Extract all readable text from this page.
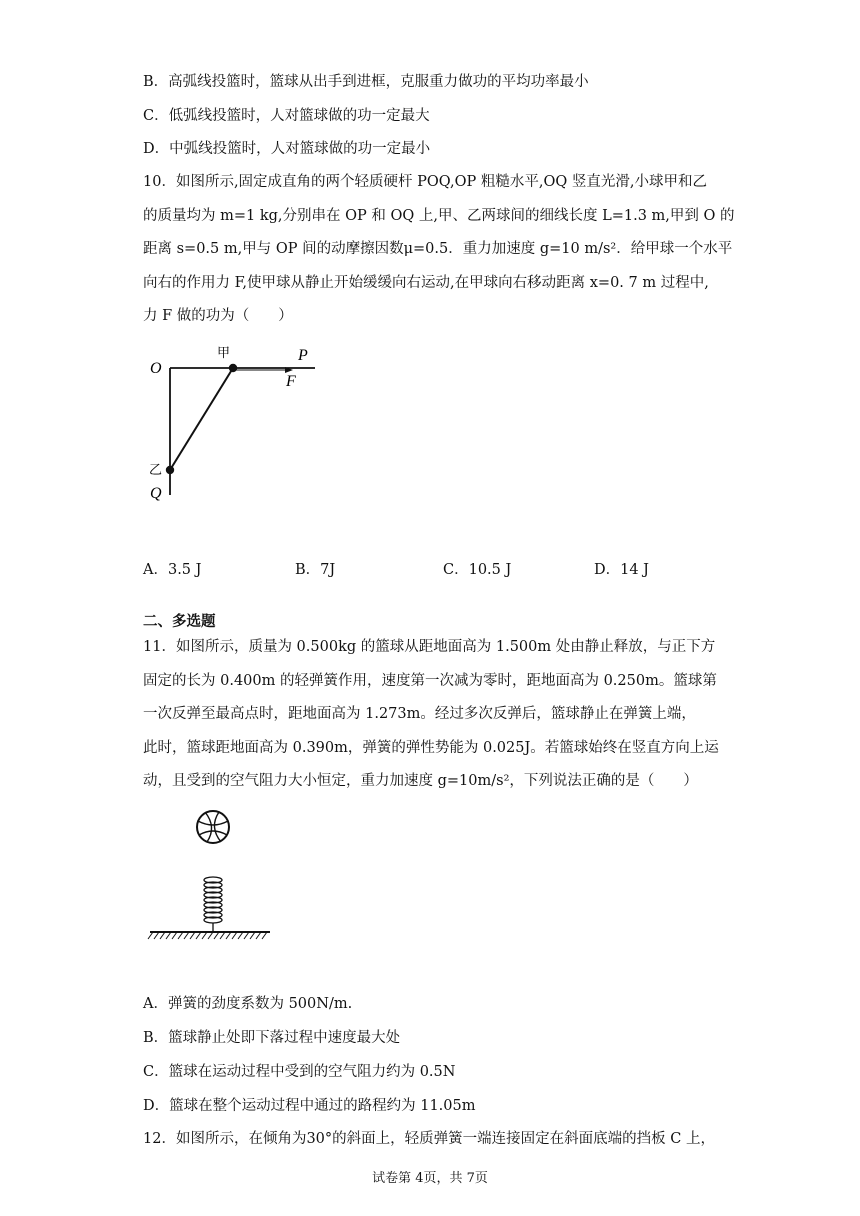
B．高弧线投篮时，篮球从出手到进框，克服重力做功的平均功率最小
C．低弧线投篮时，人对篮球做的功一定最大
D．中弧线投篮时，人对篮球做的功一定最小
10．如图所示,固定成直角的两个轻质硬杆 POQ,OP 粗糙水平,OQ 竖直光滑,小球甲和乙
的质量均为 m=1 kg,分别串在 OP 和 OQ 上,甲、乙两球间的细线长度 L=1.3 m,甲到 O 的
距离 s=0.5 m,甲与 OP 间的动摩擦因数μ=0.5．重力加速度 g=10 m/s²．给甲球一个水平
向右的作用力 F,使甲球从静止开始缓缓向右运动,在甲球向右移动距离 x=0. 7 m 过程中,
力 F 做的功为（　　）
O
P
F
甲
乙
Q
A．3.5 J	B．7J	C．10.5 J	D．14 J
二、多选题
11．如图所示，质量为 0.500kg 的篮球从距地面高为 1.500m 处由静止释放，与正下方
固定的长为 0.400m 的轻弹簧作用，速度第一次减为零时，距地面高为 0.250m。篮球第
一次反弹至最高点时，距地面高为 1.273m。经过多次反弹后，篮球静止在弹簧上端，
此时，篮球距地面高为 0.390m，弹簧的弹性势能为 0.025J。若篮球始终在竖直方向上运
动，且受到的空气阻力大小恒定，重力加速度 g=10m/s²，下列说法正确的是（　　）
A．弹簧的劲度系数为 500N/m.
B．篮球静止处即下落过程中速度最大处
C．篮球在运动过程中受到的空气阻力约为 0.5N
D．篮球在整个运动过程中通过的路程约为 11.05m
12．如图所示，在倾角为30°的斜面上，轻质弹簧一端连接固定在斜面底端的挡板 C 上，
试卷第 4页，共 7页
